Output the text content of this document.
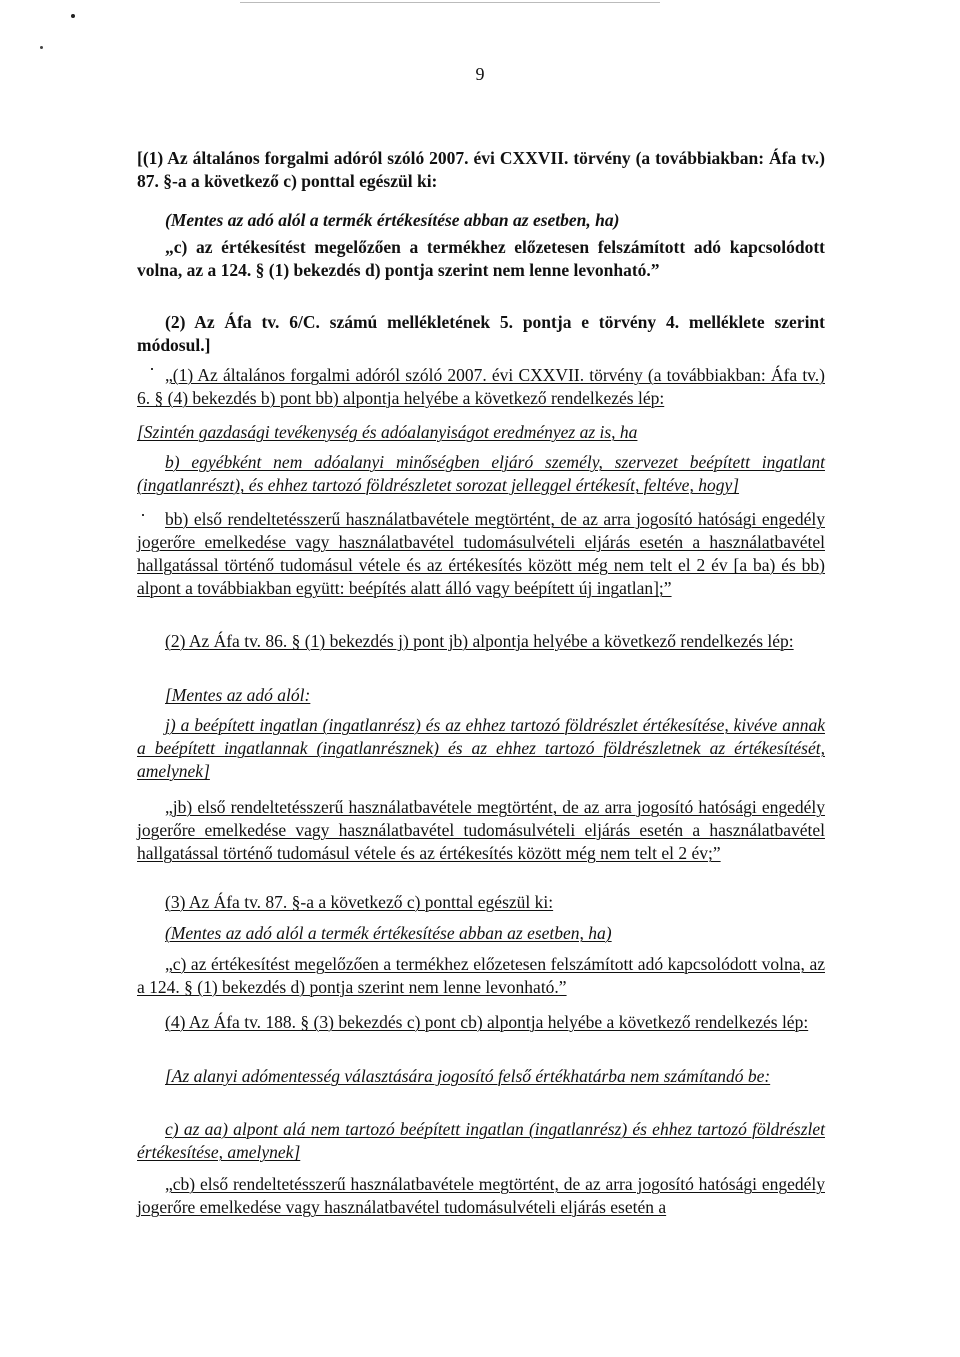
9

[(1) Az általános forgalmi adóról szóló 2007. évi CXXVII. törvény (a továbbiakban: Áfa tv.) 87. §-a a következő c) ponttal egészül ki:

(Mentes az adó alól a termék értékesítése abban az esetben, ha)

„c) az értékesítést megelőzően a termékhez előzetesen felszámított adó kapcsolódott volna, az a 124. § (1) bekezdés d) pontja szerint nem lenne levonható.”

(2) Az Áfa tv. 6/C. számú mellékletének 5. pontja e törvény 4. melléklete szerint módosul.]

„(1) Az általános forgalmi adóról szóló 2007. évi CXXVII. törvény (a továbbiakban: Áfa tv.) 6. § (4) bekezdés b) pont bb) alpontja helyébe a következő rendelkezés lép:

[Szintén gazdasági tevékenység és adóalanyiságot eredményez az is, ha

b) egyébként nem adóalanyi minőségben eljáró személy, szervezet beépített ingatlant (ingatlanrészt), és ehhez tartozó földrészletet sorozat jelleggel értékesít, feltéve, hogy]

bb) első rendeltetésszerű használatbavétele megtörtént, de az arra jogosító hatósági engedély jogerőre emelkedése vagy használatbavétel tudomásulvételi eljárás esetén a használatbavétel hallgatással történő tudomásul vétele és az értékesítés között még nem telt el 2 év [a ba) és bb) alpont a továbbiakban együtt: beépítés alatt álló vagy beépített új ingatlan];”

(2) Az Áfa tv. 86. § (1) bekezdés j) pont jb) alpontja helyébe a következő rendelkezés lép:

[Mentes az adó alól:

j) a beépített ingatlan (ingatlanrész) és az ehhez tartozó földrészlet értékesítése, kivéve annak a beépített ingatlannak (ingatlanrésznek) és az ehhez tartozó földrészletnek az értékesítését, amelynek]

„jb) első rendeltetésszerű használatbavétele megtörtént, de az arra jogosító hatósági engedély jogerőre emelkedése vagy használatbavétel tudomásulvételi eljárás esetén a használatbavétel hallgatással történő tudomásul vétele és az értékesítés között még nem telt el 2 év;”

(3) Az Áfa tv. 87. §-a a következő c) ponttal egészül ki:

(Mentes az adó alól a termék értékesítése abban az esetben, ha)

„c) az értékesítést megelőzően a termékhez előzetesen felszámított adó kapcsolódott volna, az a 124. § (1) bekezdés d) pontja szerint nem lenne levonható.”

(4) Az Áfa tv. 188. § (3) bekezdés c) pont cb) alpontja helyébe a következő rendelkezés lép:

[Az alanyi adómentesség választására jogosító felső értékhatárba nem számítandó be:

c) az aa) alpont alá nem tartozó beépített ingatlan (ingatlanrész) és ehhez tartozó földrészlet értékesítése, amelynek]

„cb) első rendeltetésszerű használatbavétele megtörtént, de az arra jogosító hatósági engedély jogerőre emelkedése vagy használatbavétel tudomásulvételi eljárás esetén a
